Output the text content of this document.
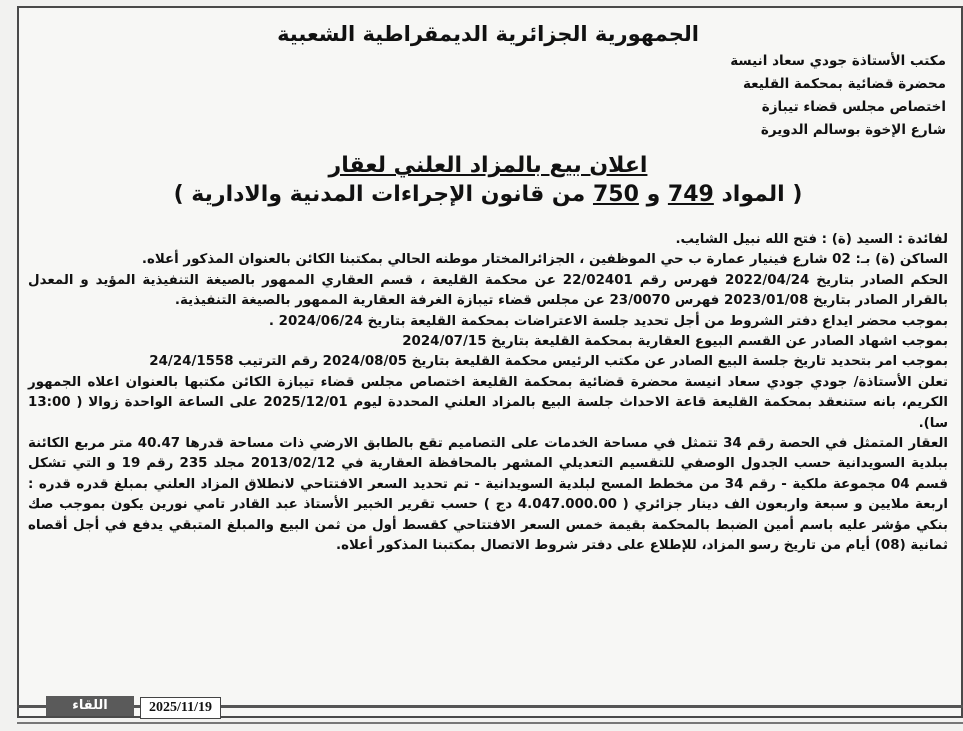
الجمهورية الجزائرية الديمقراطية الشعبية
مكتب الأستاذة جودي سعاد انيسة
محضرة قضائية بمحكمة القليعة
اختصاص مجلس قضاء تيبازة
شارع الإخوة بوسالم الدويرة
اعلان بيع بالمزاد العلني لعقار
( المواد 749 و 750 من قانون الإجراءات المدنية والادارية )

لفائدة : السيد (ة) : فتح الله نبيل الشايب.

الساكن (ة) بـ: 02 شارع فينيار عمارة ب حي الموظفين ، الجزائرالمختار موطنه الحالي بمكتبنا الكائن بالعنوان المذكور أعلاه.

الحكم الصادر بتاريخ 2022/04/24 فهرس رقم 22/02401 عن محكمة القليعة ، قسم العقاري الممهور بالصيغة التنفيذية المؤيد و المعدل بالقرار الصادر بتاريخ 2023/01/08 فهرس 23/0070 عن مجلس قضاء تيبازة الغرفة العقارية الممهور بالصيغة التنفيذية.

بموجب محضر ايداع دفتر الشروط من أجل تحديد جلسة الاعتراضات بمحكمة القليعة بتاريخ 2024/06/24 .

بموجب اشهاد الصادر عن القسم البيوع العقارية بمحكمة القليعة بتاريخ 2024/07/15

بموجب امر بتحديد تاريخ جلسة البيع الصادر عن مكتب الرئيس محكمة القليعة بتاريخ 2024/08/05 رقم الترتيب 24/24/1558

تعلن الأستاذة/ جودي جودي سعاد انيسة محضرة قضائية بمحكمة القليعة اختصاص مجلس قضاء تيبازة الكائن مكتبها بالعنوان اعلاه الجمهور الكريم، بانه ستنعقد بمحكمة القليعة قاعة الاحداث جلسة البيع بالمزاد العلني المحددة ليوم 2025/12/01 على الساعة الواحدة زوالا ( 13:00 سا).

العقار المتمثل في الحصة رقم 34 تتمثل في مساحة الخدمات على التصاميم تقع بالطابق الارضي ذات مساحة قدرها 40.47 متر مربع الكائنة ببلدية السويدانية حسب الجدول الوصفي للتقسيم التعديلي المشهر بالمحافظة العقارية في 2013/02/12 مجلد 235 رقم 19 و التي تشكل قسم 04 مجموعة ملكية - رقم 34 من مخطط المسح لبلدية السويدانية - تم تحديد السعر الافتتاحي لانطلاق المزاد العلني بمبلغ قدره قدره : اربعة ملايين و سبعة واربعون الف دينار جزائري ( 4.047.000.00 دج ) حسب تقرير الخبير الأستاذ عبد القادر تامي نورين يكون بموجب صك بنكي مؤشر عليه باسم أمين الضبط بالمحكمة بقيمة خمس السعر الافتتاحي كقسط أول من ثمن البيع والمبلغ المتبقي يدفع في أجل أقصاه ثمانية (08) أيام من تاريخ رسو المزاد، للإطلاع على دفتر شروط الاتصال بمكتبنا المذكور أعلاه.

اللقاء	2025/11/19
